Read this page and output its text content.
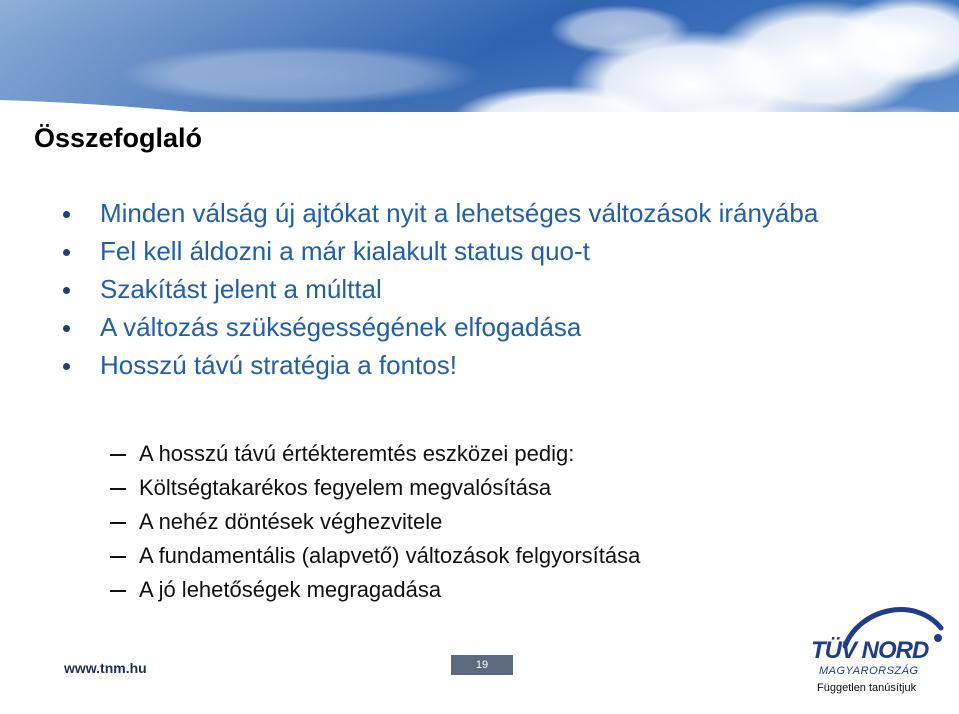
Összefoglaló
Minden válság új ajtókat nyit a lehetséges változások irányába
Fel kell áldozni a már kialakult status quo-t
Szakítást jelent a múlttal
A változás szükségességének elfogadása
Hosszú távú stratégia a fontos!
A hosszú távú értékteremtés eszközei pedig:
Költségtakarékos fegyelem megvalósítása
A nehéz döntések véghezvitele
A fundamentális (alapvető) változások felgyorsítása
A jó lehetőségek megragadása
www.tnm.hu	19
TÜV NORD
MAGYARORSZÁG
Független tanúsítjuk
